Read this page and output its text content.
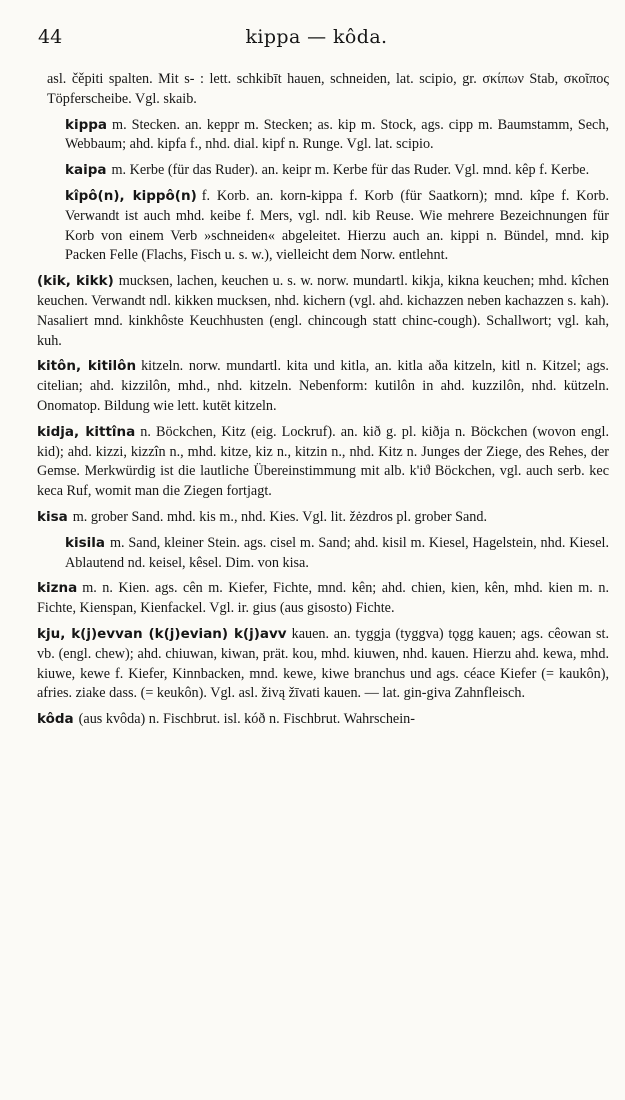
44	kippa — kôda.

asl. čěpiti spalten. Mit s- : lett. schkibīt hauen, schneiden, lat. scipio, gr. σκίπων Stab, σκοῖπος Töpferscheibe. Vgl. skaib.

kippa m. Stecken. an. keppr m. Stecken; as. kip m. Stock, ags. cipp m. Baumstamm, Sech, Webbaum; ahd. kipfa f., nhd. dial. kipf n. Runge. Vgl. lat. scipio.

kaipa m. Kerbe (für das Ruder). an. keipr m. Kerbe für das Ruder. Vgl. mnd. kêp f. Kerbe.

kîpô(n), kippô(n) f. Korb. an. korn-kippa f. Korb (für Saatkorn); mnd. kîpe f. Korb. Verwandt ist auch mhd. keibe f. Mers, vgl. ndl. kib Reuse. Wie mehrere Bezeichnungen für Korb von einem Verb »schneiden« abgeleitet. Hierzu auch an. kippi n. Bündel, mnd. kip Packen Felle (Flachs, Fisch u. s. w.), vielleicht dem Norw. entlehnt.

(kik, kikk) mucksen, lachen, keuchen u. s. w. norw. mundartl. kikja, kikna keuchen; mhd. kîchen keuchen. Verwandt ndl. kikken mucksen, nhd. kichern (vgl. ahd. kichazzen neben kachazzen s. kah). Nasaliert mnd. kinkhôste Keuchhusten (engl. chincough statt chinc-cough). Schallwort; vgl. kah, kuh.

kitôn, kitilôn kitzeln. norw. mundartl. kita und kitla, an. kitla aða kitzeln, kitl n. Kitzel; ags. citelian; ahd. kizzilôn, mhd., nhd. kitzeln. Nebenform: kutilôn in ahd. kuzzilôn, nhd. kützeln. Onomatop. Bildung wie lett. kutēt kitzeln.

kidja, kittîna n. Böckchen, Kitz (eig. Lockruf). an. kið g. pl. kiðja n. Böckchen (wovon engl. kid); ahd. kizzi, kizzîn n., mhd. kitze, kiz n., kitzin n., nhd. Kitz n. Junges der Ziege, des Rehes, der Gemse. Merkwürdig ist die lautliche Übereinstimmung mit alb. k'iϑ Böckchen, vgl. auch serb. kec keca Ruf, womit man die Ziegen fortjagt.

kisa m. grober Sand. mhd. kis m., nhd. Kies. Vgl. lit. žėzdros pl. grober Sand.

kisila m. Sand, kleiner Stein. ags. cisel m. Sand; ahd. kisil m. Kiesel, Hagelstein, nhd. Kiesel. Ablautend nd. keisel, kêsel. Dim. von kisa.

kizna m. n. Kien. ags. cên m. Kiefer, Fichte, mnd. kên; ahd. chien, kien, kên, mhd. kien m. n. Fichte, Kienspan, Kienfackel. Vgl. ir. gius (aus gisosto) Fichte.

kju, k(j)evvan (k(j)evian) k(j)avv kauen. an. tyggja (tyggva) tǫgg kauen; ags. cêowan st. vb. (engl. chew); ahd. chiuwan, kiwan, prät. kou, mhd. kiuwen, nhd. kauen. Hierzu ahd. kewa, mhd. kiuwe, kewe f. Kiefer, Kinnbacken, mnd. kewe, kiwe branchus und ags. céace Kiefer (= kaukôn), afries. ziake dass. (= keukôn). Vgl. asl. živą žīvati kauen. — lat. gin-giva Zahnfleisch.

kôda (aus kvôda) n. Fischbrut. isl. kóð n. Fischbrut. Wahrschein-
